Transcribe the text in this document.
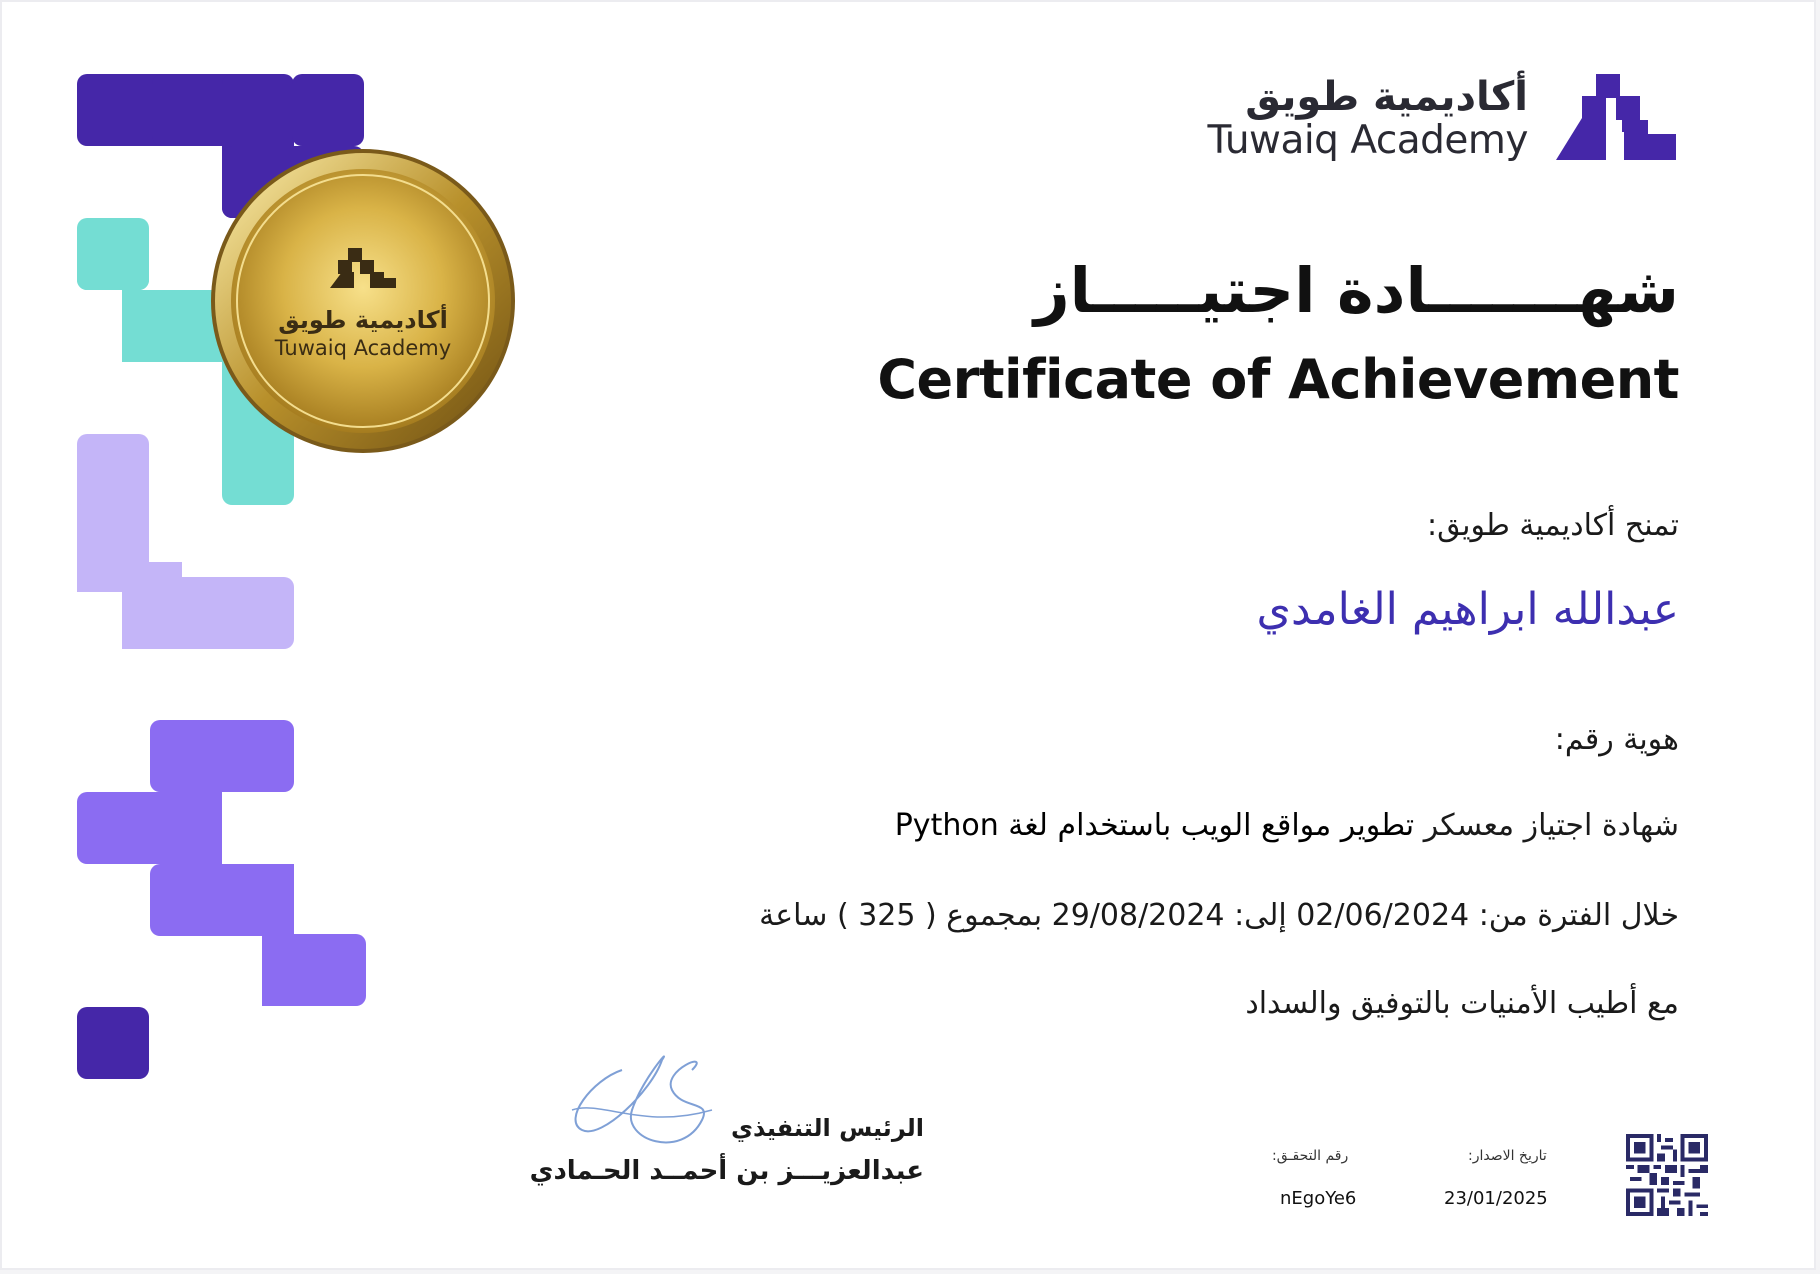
أكاديمية طويق
Tuwaiq Academy
أكاديمية طويق
Tuwaiq Academy
شهـــــــادة اجتيـــــاز
Certificate of Achievement
تمنح أكاديمية طويق:
عبدالله ابراهيم الغامدي
هوية رقم:
شهادة اجتياز معسكر تطوير مواقع الويب باستخدام لغة Python
خلال الفترة من: 02/06/2024 إلى: 29/08/2024 بمجموع ( 325 ) ساعة
مع أطيب الأمنيات بالتوفيق والسداد
الرئيس التنفيذي
عبدالعزيـــز بن أحمــد الحـمادي	تاريخ الاصدار:
23/01/2025
رقم التحقـق:
nEgoYe6
